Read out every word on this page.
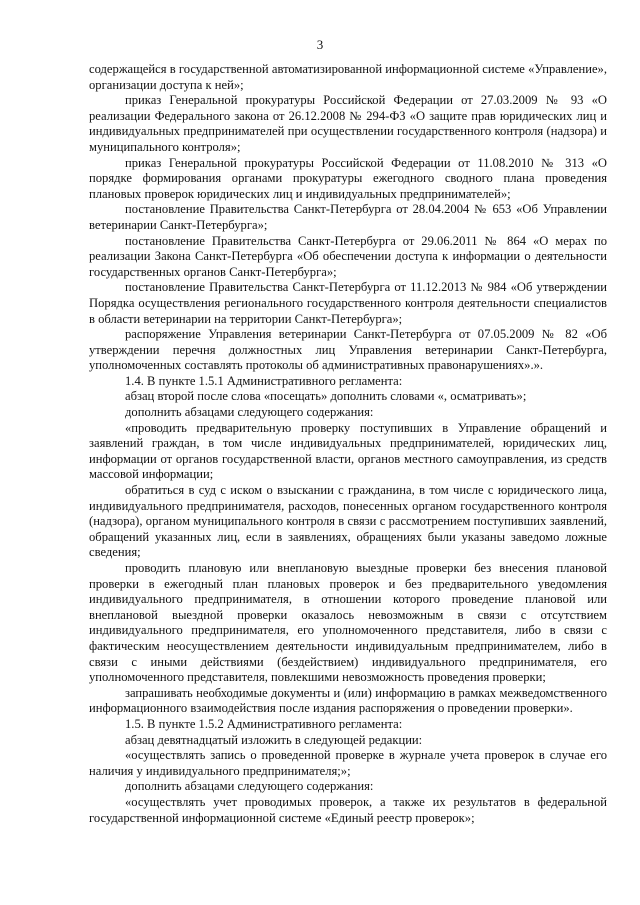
3

содержащейся в государственной автоматизированной информационной системе «Управление», организации доступа к ней»;

приказ Генеральной прокуратуры Российской Федерации от 27.03.2009 № 93 «О реализации Федерального закона от 26.12.2008 № 294-ФЗ «О защите прав юридических лиц и индивидуальных предпринимателей при осуществлении государственного контроля (надзора) и муниципального контроля»;

приказ Генеральной прокуратуры Российской Федерации от 11.08.2010 № 313 «О порядке формирования органами прокуратуры ежегодного сводного плана проведения плановых проверок юридических лиц и индивидуальных предпринимателей»;

постановление Правительства Санкт-Петербурга от 28.04.2004 № 653 «Об Управлении ветеринарии Санкт-Петербурга»;

постановление Правительства Санкт-Петербурга от 29.06.2011 № 864 «О мерах по реализации Закона Санкт-Петербурга «Об обеспечении доступа к информации о деятельности государственных органов Санкт-Петербурга»;

постановление Правительства Санкт-Петербурга от 11.12.2013 № 984 «Об утверждении Порядка осуществления регионального государственного контроля деятельности специалистов в области ветеринарии на территории Санкт-Петербурга»;

распоряжение Управления ветеринарии Санкт-Петербурга от 07.05.2009 № 82 «Об утверждении перечня должностных лиц Управления ветеринарии Санкт-Петербурга, уполномоченных составлять протоколы об административных правонарушениях».».

1.4. В пункте 1.5.1 Административного регламента:

абзац второй после слова «посещать» дополнить словами «, осматривать»;

дополнить абзацами следующего содержания:

«проводить предварительную проверку поступивших в Управление обращений и заявлений граждан, в том числе индивидуальных предпринимателей, юридических лиц, информации от органов государственной власти, органов местного самоуправления, из средств массовой информации;

обратиться в суд с иском о взыскании с гражданина, в том числе с юридического лица, индивидуального предпринимателя, расходов, понесенных органом государственного контроля (надзора), органом муниципального контроля в связи с рассмотрением поступивших заявлений, обращений указанных лиц, если в заявлениях, обращениях были указаны заведомо ложные сведения;

проводить плановую или внеплановую выездные проверки без внесения плановой проверки в ежегодный план плановых проверок и без предварительного уведомления индивидуального предпринимателя, в отношении которого проведение плановой или внеплановой выездной проверки оказалось невозможным в связи с отсутствием индивидуального предпринимателя, его уполномоченного представителя, либо в связи с фактическим неосуществлением деятельности индивидуальным предпринимателем, либо в связи с иными действиями (бездействием) индивидуального предпринимателя, его уполномоченного представителя, повлекшими невозможность проведения проверки;

запрашивать необходимые документы и (или) информацию в рамках межведомственного информационного взаимодействия после издания распоряжения о проведении проверки».

1.5. В пункте 1.5.2 Административного регламента:

абзац девятнадцатый изложить в следующей редакции:

«осуществлять запись о проведенной проверке в журнале учета проверок в случае его наличия у индивидуального предпринимателя;»;

дополнить абзацами следующего содержания:

«осуществлять учет проводимых проверок, а также их результатов в федеральной государственной информационной системе «Единый реестр проверок»;
